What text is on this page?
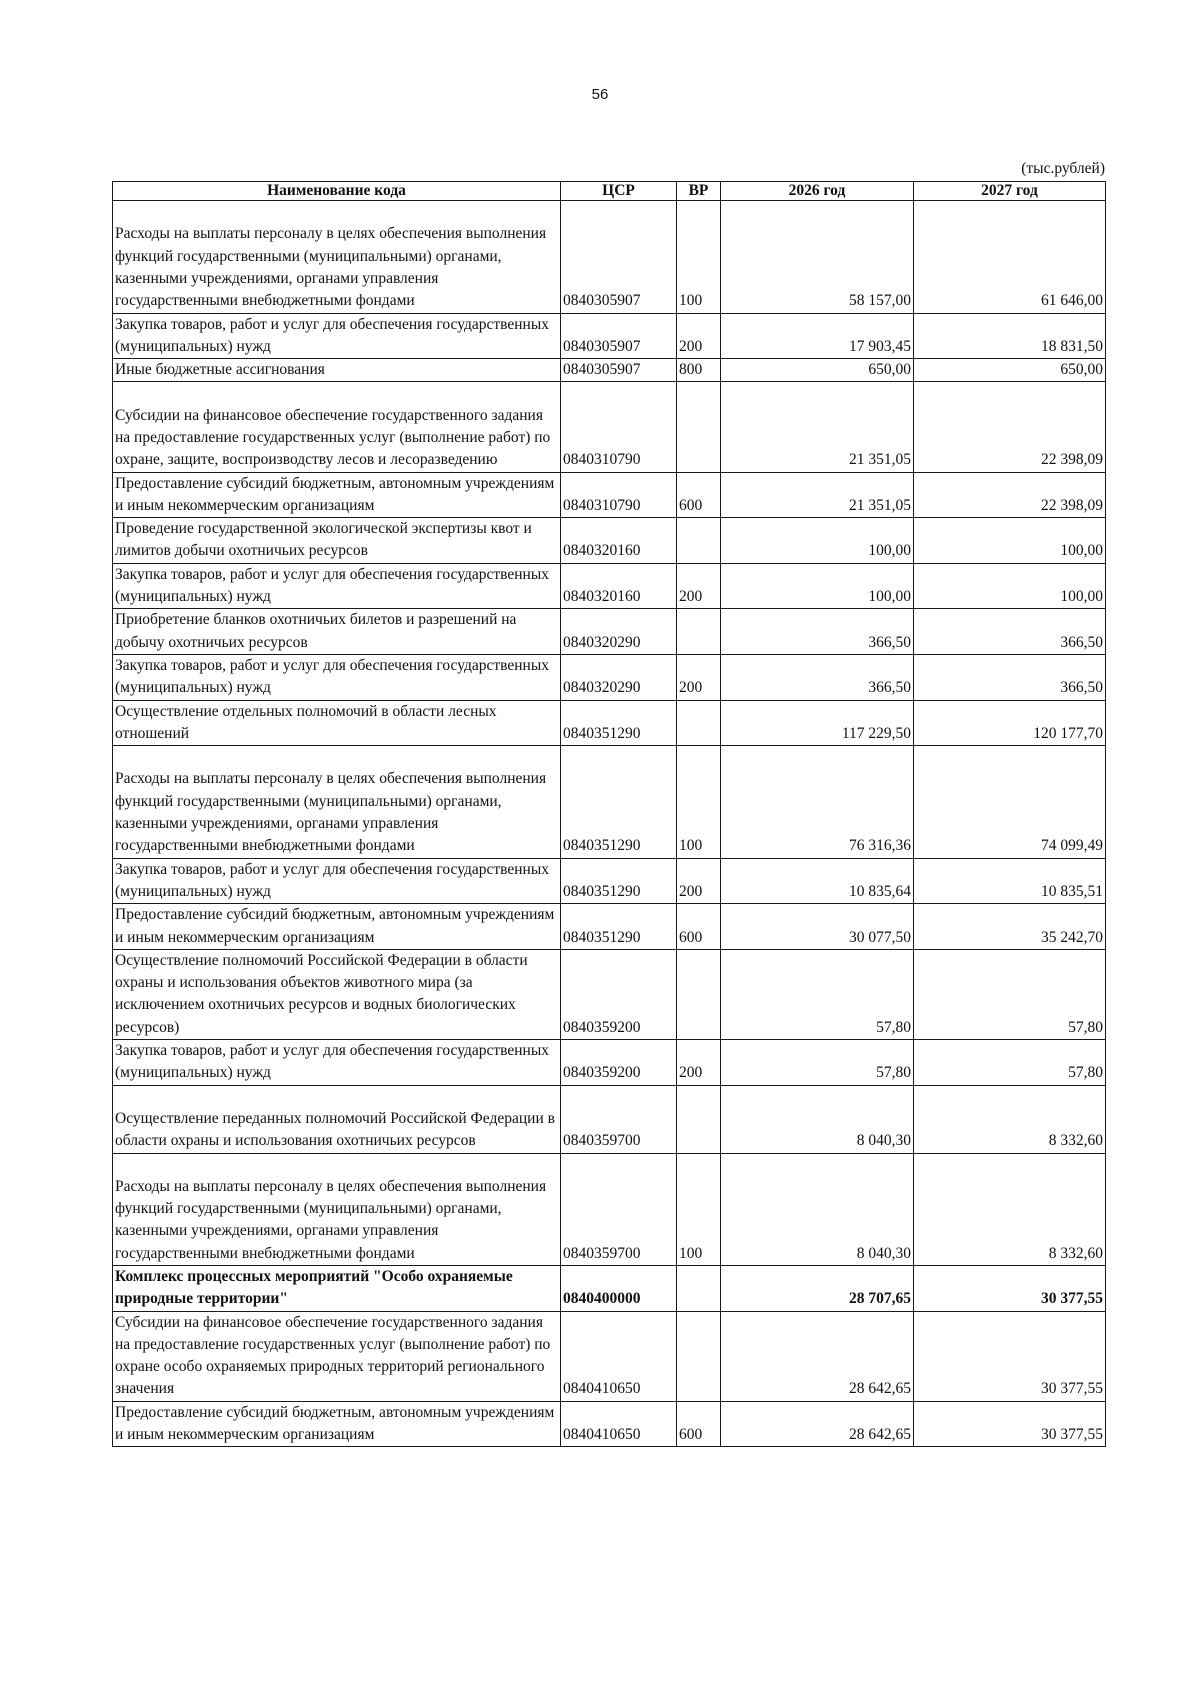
56
(тыс.рублей)
Наименование кода	ЦСР	ВР	2026 год	2027 год
Расходы на выплаты персоналу в целях обеспечения выполнения функций государственными (муниципальными) органами, казенными учреждениями, органами управления государственными внебюджетными фондами	0840305907	100	58 157,00	61 646,00
Закупка товаров, работ и услуг для обеспечения государственных (муниципальных) нужд	0840305907	200	17 903,45	18 831,50
Иные бюджетные ассигнования	0840305907	800	650,00	650,00
Субсидии на финансовое обеспечение государственного задания на предоставление государственных услуг (выполнение работ) по охране, защите, воспроизводству лесов и лесоразведению	0840310790		21 351,05	22 398,09
Предоставление субсидий бюджетным, автономным учреждениям и иным некоммерческим организациям	0840310790	600	21 351,05	22 398,09
Проведение государственной экологической экспертизы квот и лимитов добычи охотничьих ресурсов	0840320160		100,00	100,00
Закупка товаров, работ и услуг для обеспечения государственных (муниципальных) нужд	0840320160	200	100,00	100,00
Приобретение бланков охотничьих билетов и разрешений на добычу охотничьих ресурсов	0840320290		366,50	366,50
Закупка товаров, работ и услуг для обеспечения государственных (муниципальных) нужд	0840320290	200	366,50	366,50
Осуществление отдельных полномочий в области лесных отношений	0840351290		117 229,50	120 177,70
Расходы на выплаты персоналу в целях обеспечения выполнения функций государственными (муниципальными) органами, казенными учреждениями, органами управления государственными внебюджетными фондами	0840351290	100	76 316,36	74 099,49
Закупка товаров, работ и услуг для обеспечения государственных (муниципальных) нужд	0840351290	200	10 835,64	10 835,51
Предоставление субсидий бюджетным, автономным учреждениям и иным некоммерческим организациям	0840351290	600	30 077,50	35 242,70
Осуществление полномочий Российской Федерации в области охраны и использования объектов животного мира (за исключением охотничьих ресурсов и водных биологических ресурсов)	0840359200		57,80	57,80
Закупка товаров, работ и услуг для обеспечения государственных (муниципальных) нужд	0840359200	200	57,80	57,80
Осуществление переданных полномочий Российской Федерации в области охраны и использования охотничьих ресурсов	0840359700		8 040,30	8 332,60
Расходы на выплаты персоналу в целях обеспечения выполнения функций государственными (муниципальными) органами, казенными учреждениями, органами управления государственными внебюджетными фондами	0840359700	100	8 040,30	8 332,60
Комплекс процессных мероприятий "Особо охраняемые природные территории"	0840400000		28 707,65	30 377,55
Субсидии на финансовое обеспечение государственного задания на предоставление государственных услуг (выполнение работ) по охране особо охраняемых природных территорий регионального значения	0840410650		28 642,65	30 377,55
Предоставление субсидий бюджетным, автономным учреждениям и иным некоммерческим организациям	0840410650	600	28 642,65	30 377,55
